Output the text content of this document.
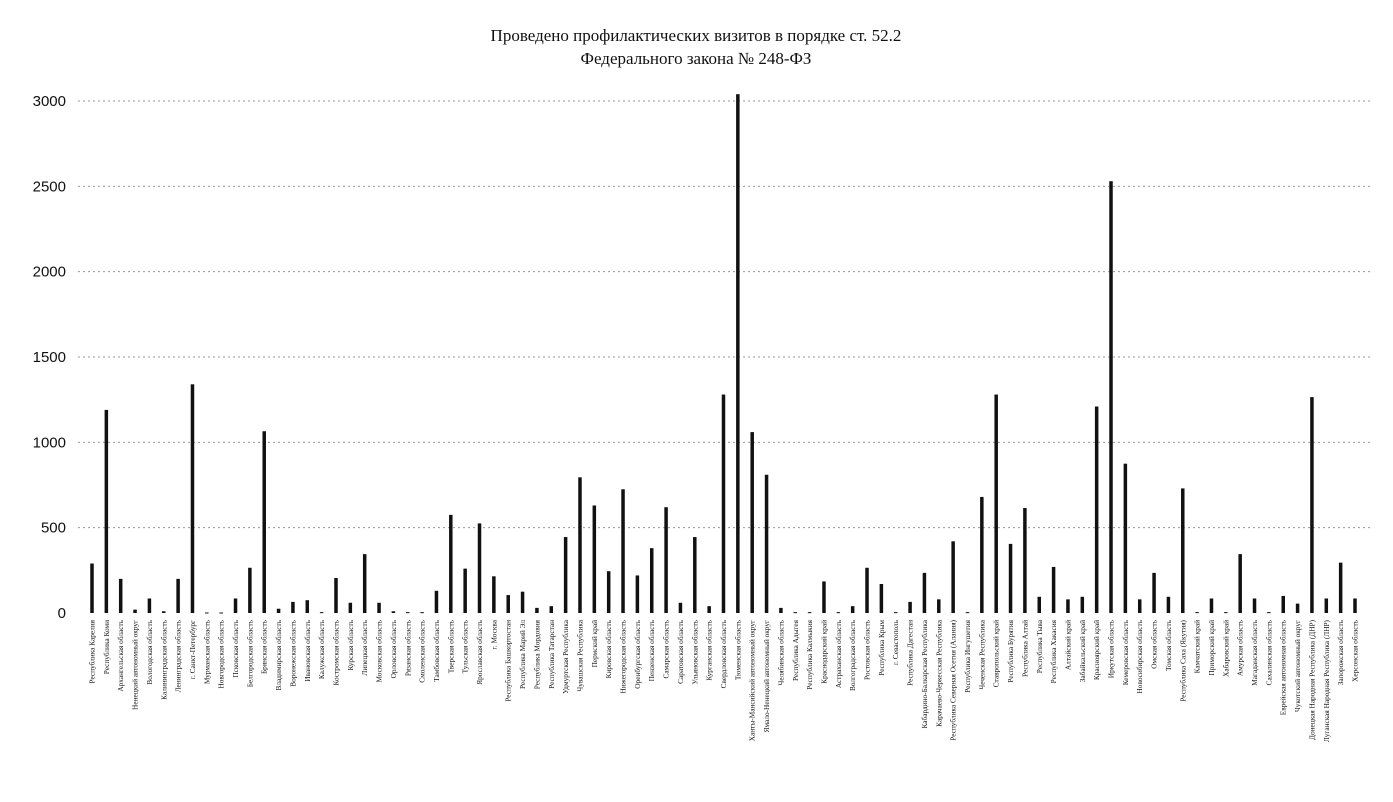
Проведено профилактических визитов в порядке ст. 52.2
Федерального закона № 248-ФЗ
0
500
1000
1500
2000
2500
3000
Республика Карелия Республика Коми Архангельская область Ненецкий автономный округ Вологодская область Калининградская область Ленинградская область г. Санкт-Петербург Мурманская область Новгородская область Псковская область Белгородская область Брянская область Владимирская область Воронежская область Ивановская область Калужская область Костромская область Курская область Липецкая область Московская область Орловская область Рязанская область Смоленская область Тамбовская область Тверская область Тульская область Ярославская область г. Москва Республика Башкортостан Республика Марий Эл Республика Мордовия Республика Татарстан Удмуртская Республика Чувашская Республика Пермский край Кировская область Нижегородская область Оренбургская область Пензенская область Самарская область Саратовская область Ульяновская область Курганская область Свердловская область Тюменская область Ханты-Мансийский автономный округ Ямало-Ненецкий автономный округ Челябинская область Республика Адыгея Республика Калмыкия Краснодарский край Астраханская область Волгоградская область Ростовская область Республика Крым г. Севастополь Республика Дагестан Кабардино-Балкарская Республика Карачаево-Черкесская Республика Республика Северная Осетия (Алания) Республика Ингушетия Чеченская Республика Ставропольский край Республика Бурятия Республика Алтай Республика Тыва Республика Хакасия Алтайский край Забайкальский край Красноярский край Иркутская область Кемеровская область Новосибирская область Омская область Томская область Республика Саха (Якутия) Камчатский край Приморский край Хабаровский край Амурская область Магаданская область Сахалинская область Еврейская автономная область Чукотский автономный округ Донецкая Народная Республика (ДНР) Луганская Народная Республика (ЛНР) Запорожская область Херсонская область
